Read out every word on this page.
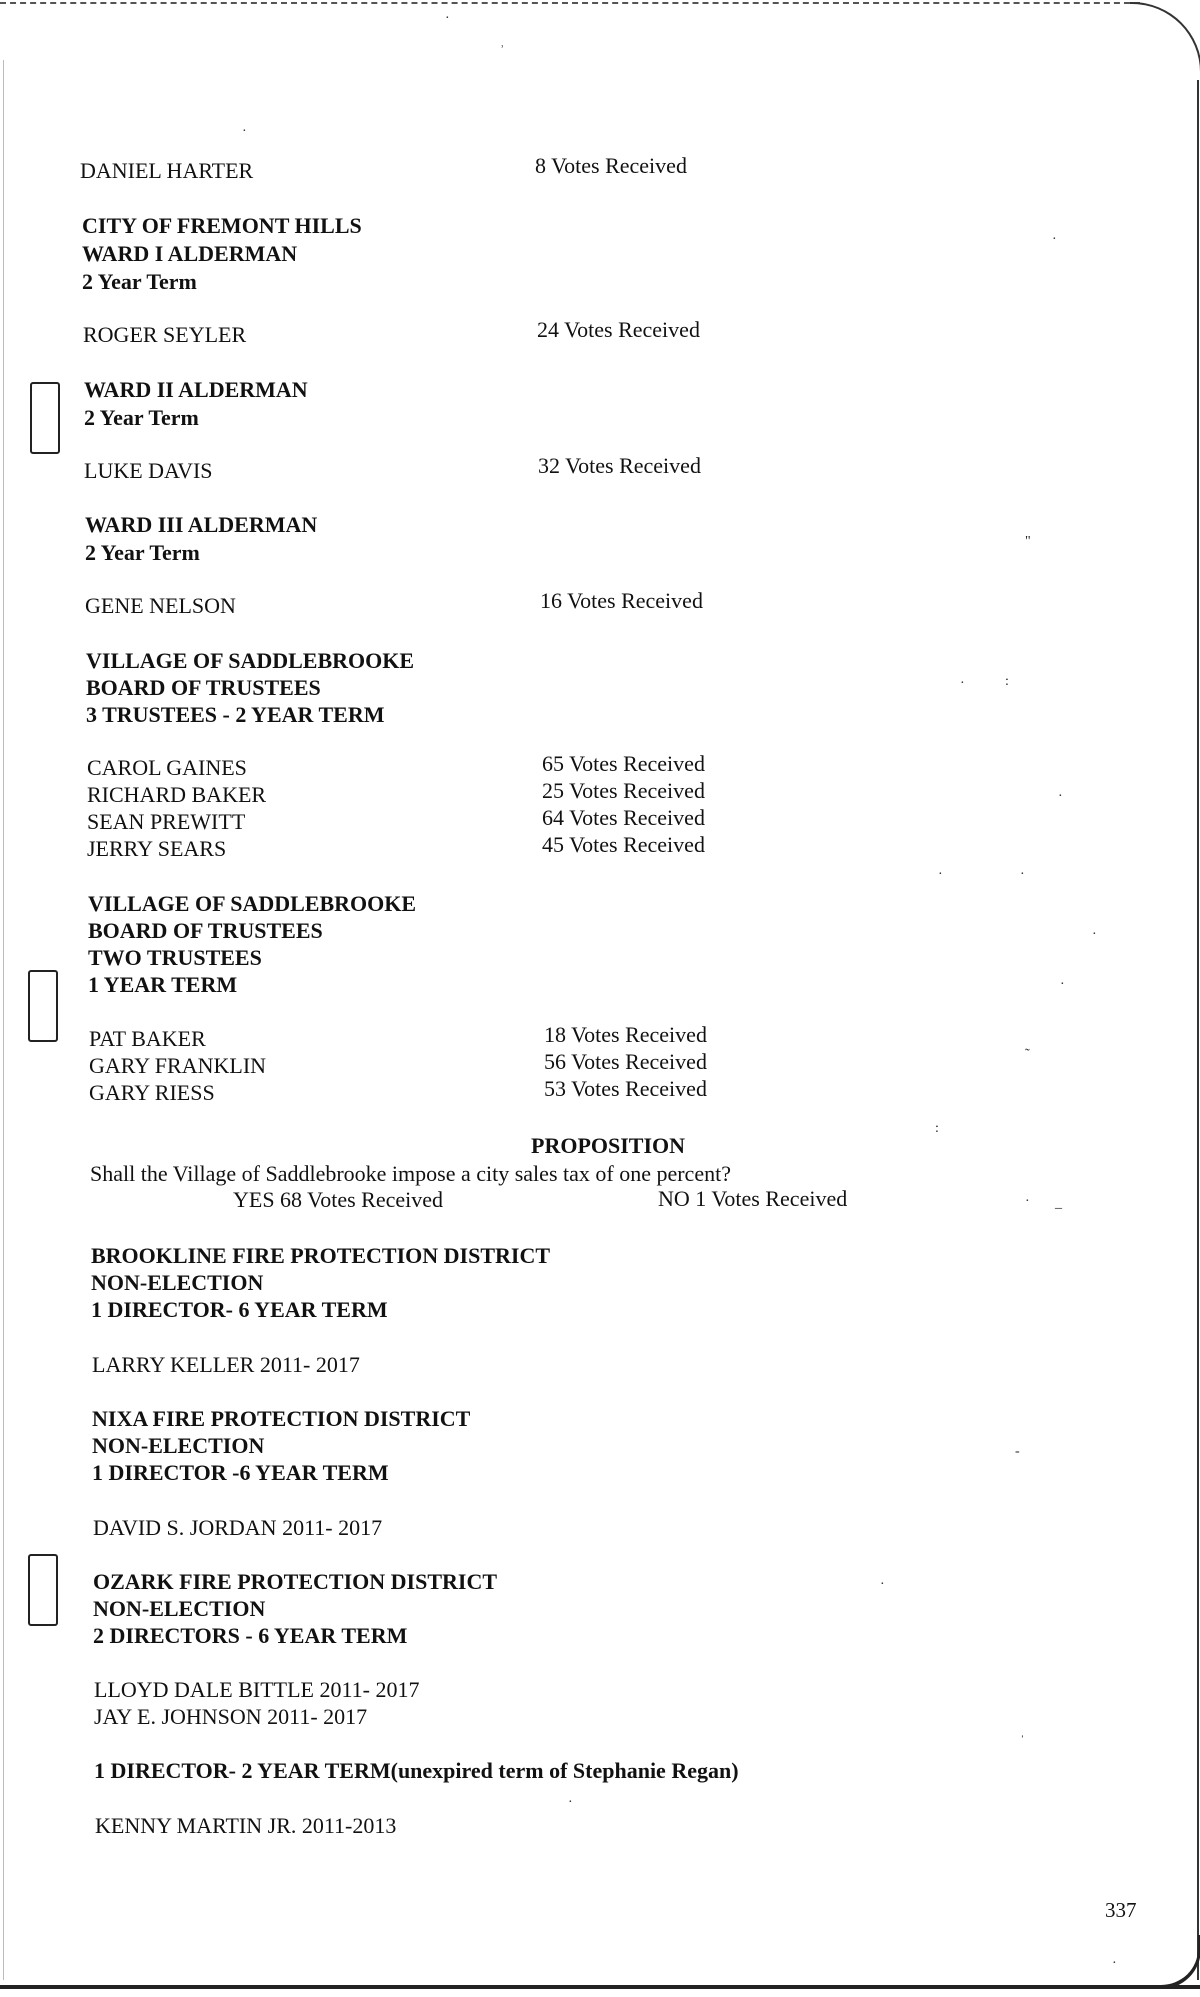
·
˒
·
·
"
·	:
·
·	·
·
·
˷
:
· _
-
·
ˈ
·
·
DANIEL HARTER	8 Votes Received
CITY OF FREMONT HILLS
WARD I ALDERMAN
2 Year Term
ROGER SEYLER	24 Votes Received
WARD II ALDERMAN
2 Year Term
LUKE DAVIS	32 Votes Received
WARD III ALDERMAN
2 Year Term
GENE NELSON	16 Votes Received
VILLAGE OF SADDLEBROOKE
BOARD OF TRUSTEES
3 TRUSTEES - 2 YEAR TERM
CAROL GAINES	65 Votes Received
RICHARD BAKER	25 Votes Received
SEAN PREWITT	64 Votes Received
JERRY SEARS	45 Votes Received
VILLAGE OF SADDLEBROOKE
BOARD OF TRUSTEES
TWO TRUSTEES
1 YEAR TERM
PAT BAKER	18 Votes Received
GARY FRANKLIN	56 Votes Received
GARY RIESS	53 Votes Received
PROPOSITION
Shall the Village of Saddlebrooke impose a city sales tax of one percent?
YES 68 Votes Received	NO 1 Votes Received
BROOKLINE FIRE PROTECTION DISTRICT
NON-ELECTION
1 DIRECTOR- 6 YEAR TERM
LARRY KELLER 2011- 2017
NIXA FIRE PROTECTION DISTRICT
NON-ELECTION
1 DIRECTOR -6 YEAR TERM
DAVID S. JORDAN 2011- 2017
OZARK FIRE PROTECTION DISTRICT
NON-ELECTION
2 DIRECTORS - 6 YEAR TERM
LLOYD DALE BITTLE 2011- 2017
JAY E. JOHNSON 2011- 2017
1 DIRECTOR- 2 YEAR TERM(unexpired term of Stephanie Regan)
KENNY MARTIN JR. 2011-2013
337
